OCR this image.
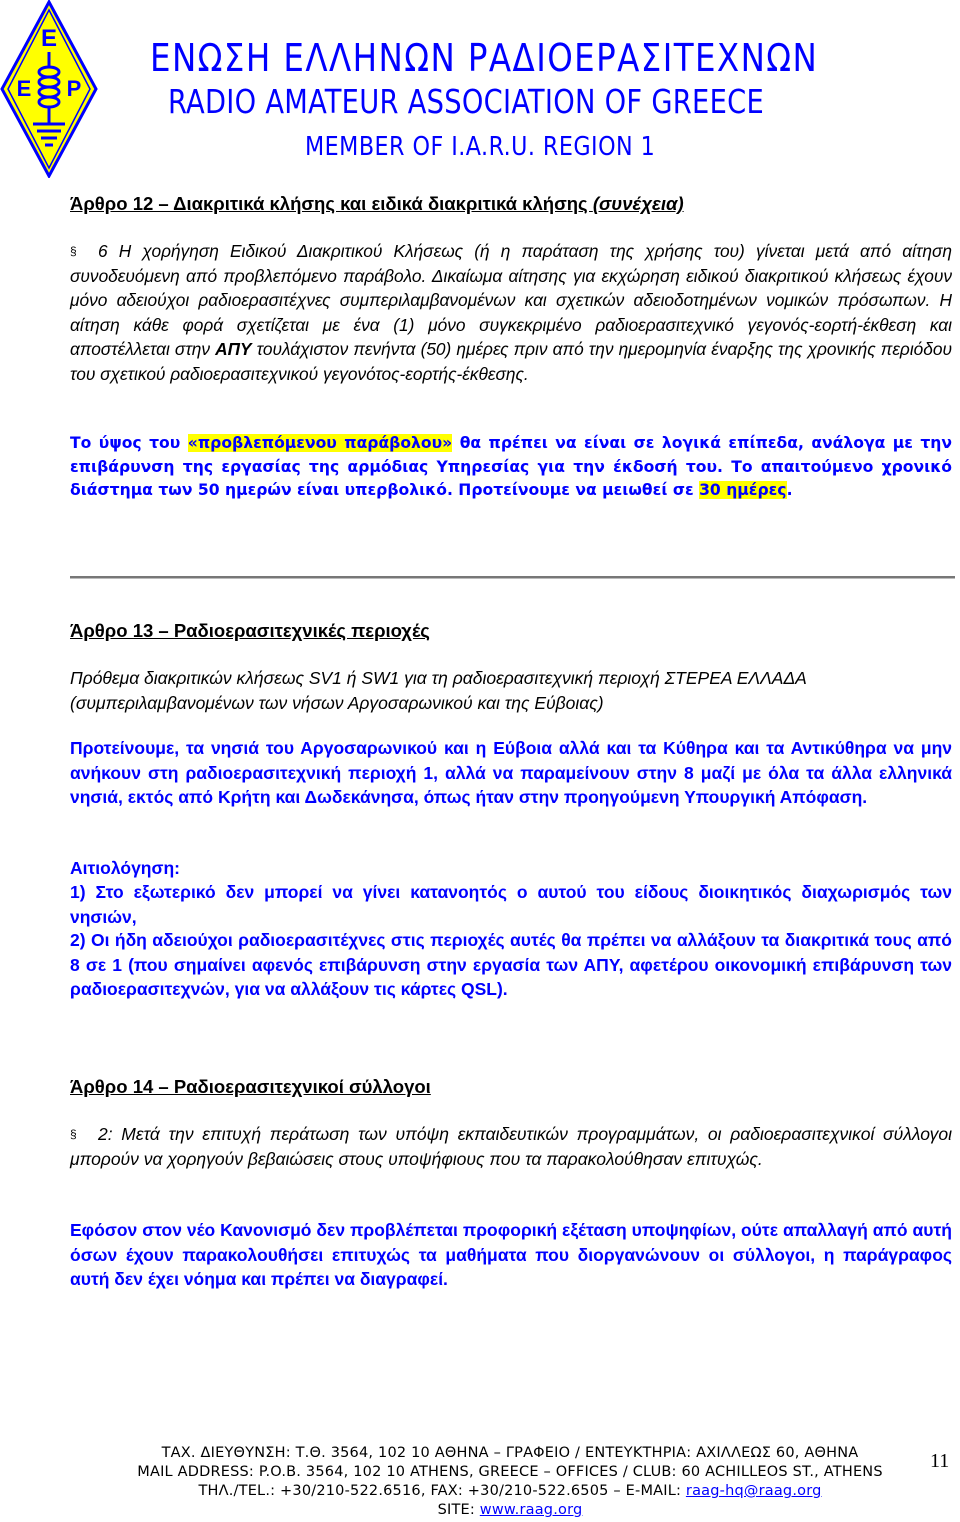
Ε
Ε Ρ
ΕΝΩΣΗ ΕΛΛΗΝΩΝ ΡΑΔΙΟΕΡΑΣΙΤΕΧΝΩΝ
RADIO AMATEUR ASSOCIATION OF GREECE
MEMBER OF I.A.R.U. REGION 1
Άρθρο 12 – Διακριτικά κλήσης και ειδικά διακριτικά κλήσης (συνέχεια)
§ 6 Η χορήγηση Ειδικού Διακριτικού Κλήσεως (ή η παράταση της χρήσης του) γίνεται μετά από αίτηση συνοδευόμενη από προβλεπόμενο παράβολο. Δικαίωμα αίτησης για εκχώρηση ειδικού διακριτικού κλήσεως έχουν μόνο αδειούχοι ραδιοερασιτέχνες συμπεριλαμβανομένων και σχετικών αδειοδοτημένων νομικών πρόσωπων. Η αίτηση κάθε φορά σχετίζεται με ένα (1) μόνο συγκεκριμένο ραδιοερασιτεχνικό γεγονός-εορτή-έκθεση και αποστέλλεται στην ΑΠΥ τουλάχιστον πενήντα (50) ημέρες πριν από την ημερομηνία έναρξης της χρονικής περιόδου του σχετικού ραδιοερασιτεχνικού γεγονότος-εορτής-έκθεσης.
Το ύψος του «προβλεπόμενου παράβολου» θα πρέπει να είναι σε λογικά επίπεδα, ανάλογα με την επιβάρυνση της εργασίας της αρμόδιας Υπηρεσίας για την έκδοσή του. Το απαιτούμενο χρονικό διάστημα των 50 ημερών είναι υπερβολικό. Προτείνουμε να μειωθεί σε 30 ημέρες.
Άρθρο 13 – Ραδιοερασιτεχνικές περιοχές
Πρόθεμα διακριτικών κλήσεως SV1 ή SW1 για τη ραδιοερασιτεχνική περιοχή ΣΤΕΡΕΑ ΕΛΛΑΔΑ (συμπεριλαμβανομένων των νήσων Αργοσαρωνικού και της Εύβοιας)
Προτείνουμε, τα νησιά του Αργοσαρωνικού και η Εύβοια αλλά και τα Κύθηρα και τα Αντικύθηρα να μην ανήκουν στη ραδιοερασιτεχνική περιοχή 1, αλλά να παραμείνουν στην 8 μαζί με όλα τα άλλα ελληνικά νησιά, εκτός από Κρήτη και Δωδεκάνησα, όπως ήταν στην προηγούμενη Υπουργική Απόφαση.
Αιτιολόγηση:
1) Στο εξωτερικό δεν μπορεί να γίνει κατανοητός ο αυτού του είδους διοικητικός διαχωρισμός των νησιών,
2) Οι ήδη αδειούχοι ραδιοερασιτέχνες στις περιοχές αυτές θα πρέπει να αλλάξουν τα διακριτικά τους από 8 σε 1 (που σημαίνει αφενός επιβάρυνση στην εργασία των ΑΠΥ, αφετέρου οικονομική επιβάρυνση των ραδιοερασιτεχνών, για να αλλάξουν τις κάρτες QSL).
Άρθρο 14 – Ραδιοερασιτεχνικοί σύλλογοι
§ 2: Μετά την επιτυχή περάτωση των υπόψη εκπαιδευτικών προγραμμάτων, οι ραδιοερασιτεχνικοί σύλλογοι μπορούν να χορηγούν βεβαιώσεις στους υποψήφιους που τα παρακολούθησαν επιτυχώς.
Εφόσον στον νέο Κανονισμό δεν προβλέπεται προφορική εξέταση υποψηφίων, ούτε απαλλαγή από αυτή όσων έχουν παρακολουθήσει επιτυχώς τα μαθήματα που διοργανώνουν οι σύλλογοι, η παράγραφος αυτή δεν έχει νόημα και πρέπει να διαγραφεί.
ΤΑΧ. ΔΙΕΥΘΥΝΣΗ: Τ.Θ. 3564, 102 10 ΑΘΗΝΑ – ΓΡΑΦΕΙΟ / ΕΝΤΕΥΚΤΗΡΙΑ: ΑΧΙΛΛΕΩΣ 60, ΑΘΗΝΑ
MAIL ADDRESS: P.O.B. 3564, 102 10 ATHENS, GREECE – OFFICES / CLUB: 60 ACHILLEOS ST., ATHENS
ΤΗΛ./TEL.: +30/210-522.6516, FAX: +30/210-522.6505 – E-MAIL: raag-hq@raag.org
SITE: www.raag.org
11
